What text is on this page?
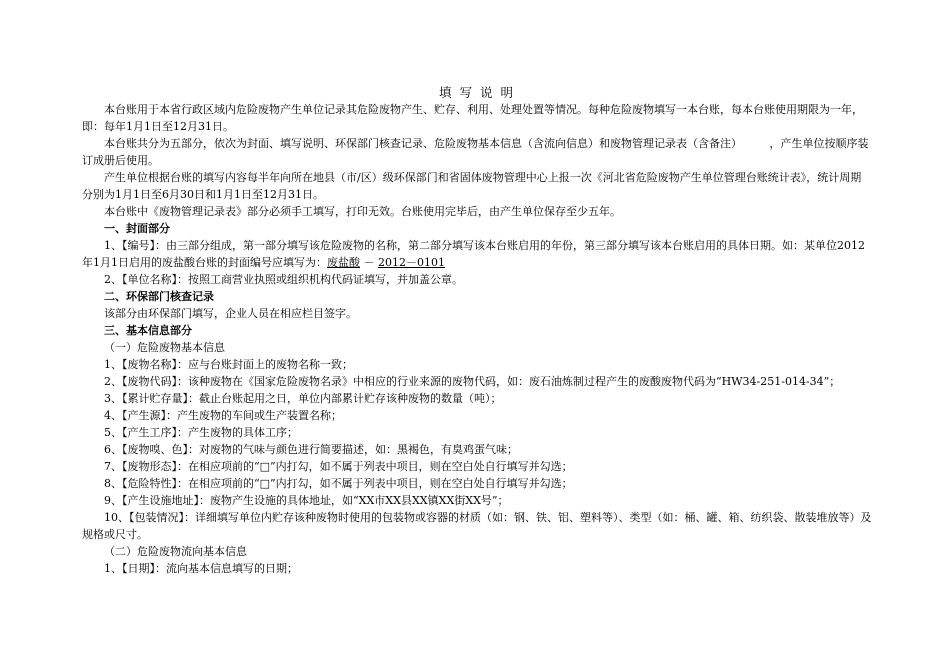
填 写 说 明

本台账用于本省行政区域内危险废物产生单位记录其危险废物产生、贮存、利用、处理处置等情况。每种危险废物填写一本台账，每本台账使用期限为一年，即：每年1月1日至12月31日。

本台账共分为五部分，依次为封面、填写说明、环保部门核查记录、危险废物基本信息（含流向信息）和废物管理记录表（含备注）　　　，产生单位按顺序装订成册后使用。

产生单位根据台账的填写内容每半年向所在地县（市/区）级环保部门和省固体废物管理中心上报一次《河北省危险废物产生单位管理台账统计表》，统计周期分别为1月1日至6月30日和1月1日至12月31日。

本台账中《废物管理记录表》部分必须手工填写，打印无效。台账使用完毕后，由产生单位保存至少五年。

一、封面部分

1、【编号】：由三部分组成，第一部分填写该危险废物的名称，第二部分填写该本台账启用的年份，第三部分填写该本台账启用的具体日期。如：某单位2012年1月1日启用的废盐酸台账的封面编号应填写为：废盐酸 － 2012－0101

2、【单位名称】：按照工商营业执照或组织机构代码证填写，并加盖公章。

二、环保部门核查记录

该部分由环保部门填写，企业人员在相应栏目签字。

三、基本信息部分

（一）危险废物基本信息

1、【废物名称】：应与台账封面上的废物名称一致；

2、【废物代码】：该种废物在《国家危险废物名录》中相应的行业来源的废物代码，如：废石油炼制过程产生的废酸废物代码为“HW34-251-014-34”；

3、【累计贮存量】：截止台账起用之日，单位内部累计贮存该种废物的数量（吨）；

4、【产生源】：产生废物的车间或生产装置名称；

5、【产生工序】：产生废物的具体工序；

6、【废物嗅、色】：对废物的气味与颜色进行简要描述，如：黑褐色，有臭鸡蛋气味；

7、【废物形态】：在相应项前的“□”内打勾，如不属于列表中项目，则在空白处自行填写并勾选；

8、【危险特性】：在相应项前的“□”内打勾，如不属于列表中项目，则在空白处自行填写并勾选；

9、【产生设施地址】：废物产生设施的具体地址，如“XX市XX县XX镇XX街XX号”；

10、【包装情况】：详细填写单位内贮存该种废物时使用的包装物或容器的材质（如：钢、铁、铝、塑料等）、类型（如：桶、罐、箱、纺织袋、散装堆放等）及规格或尺寸。

（二）危险废物流向基本信息

1、【日期】：流向基本信息填写的日期；
